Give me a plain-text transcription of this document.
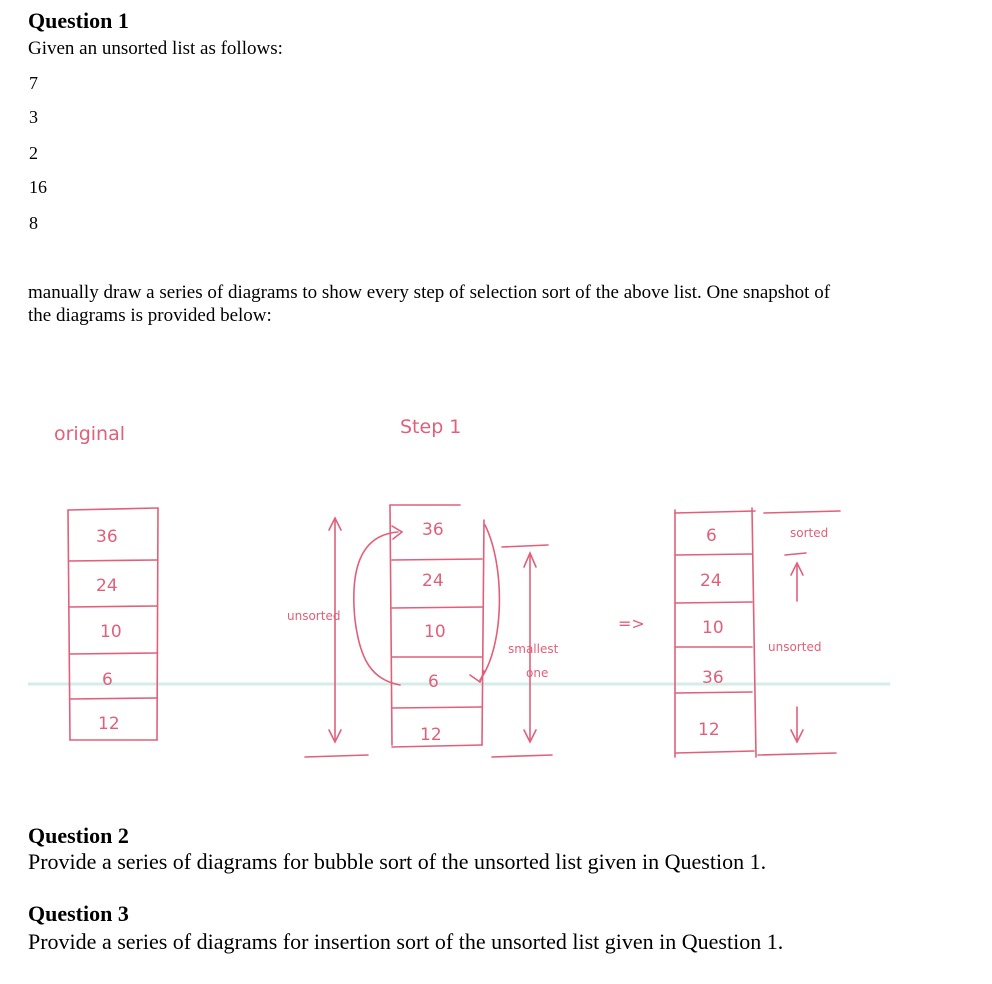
Question 1

Given an unsorted list as follows:

7
3
2
16
8

manually draw a series of diagrams to show every step of selection sort of the above list. One snapshot of

the diagrams is provided below:

original	Step 1
36
24
10
6
12
unsorted
36
24
10
6
12
smallest
one
=>
6
24
10
36
12
sorted
unsorted
Question 2

Provide a series of diagrams for bubble sort of the unsorted list given in Question 1.

Question 3

Provide a series of diagrams for insertion sort of the unsorted list given in Question 1.
